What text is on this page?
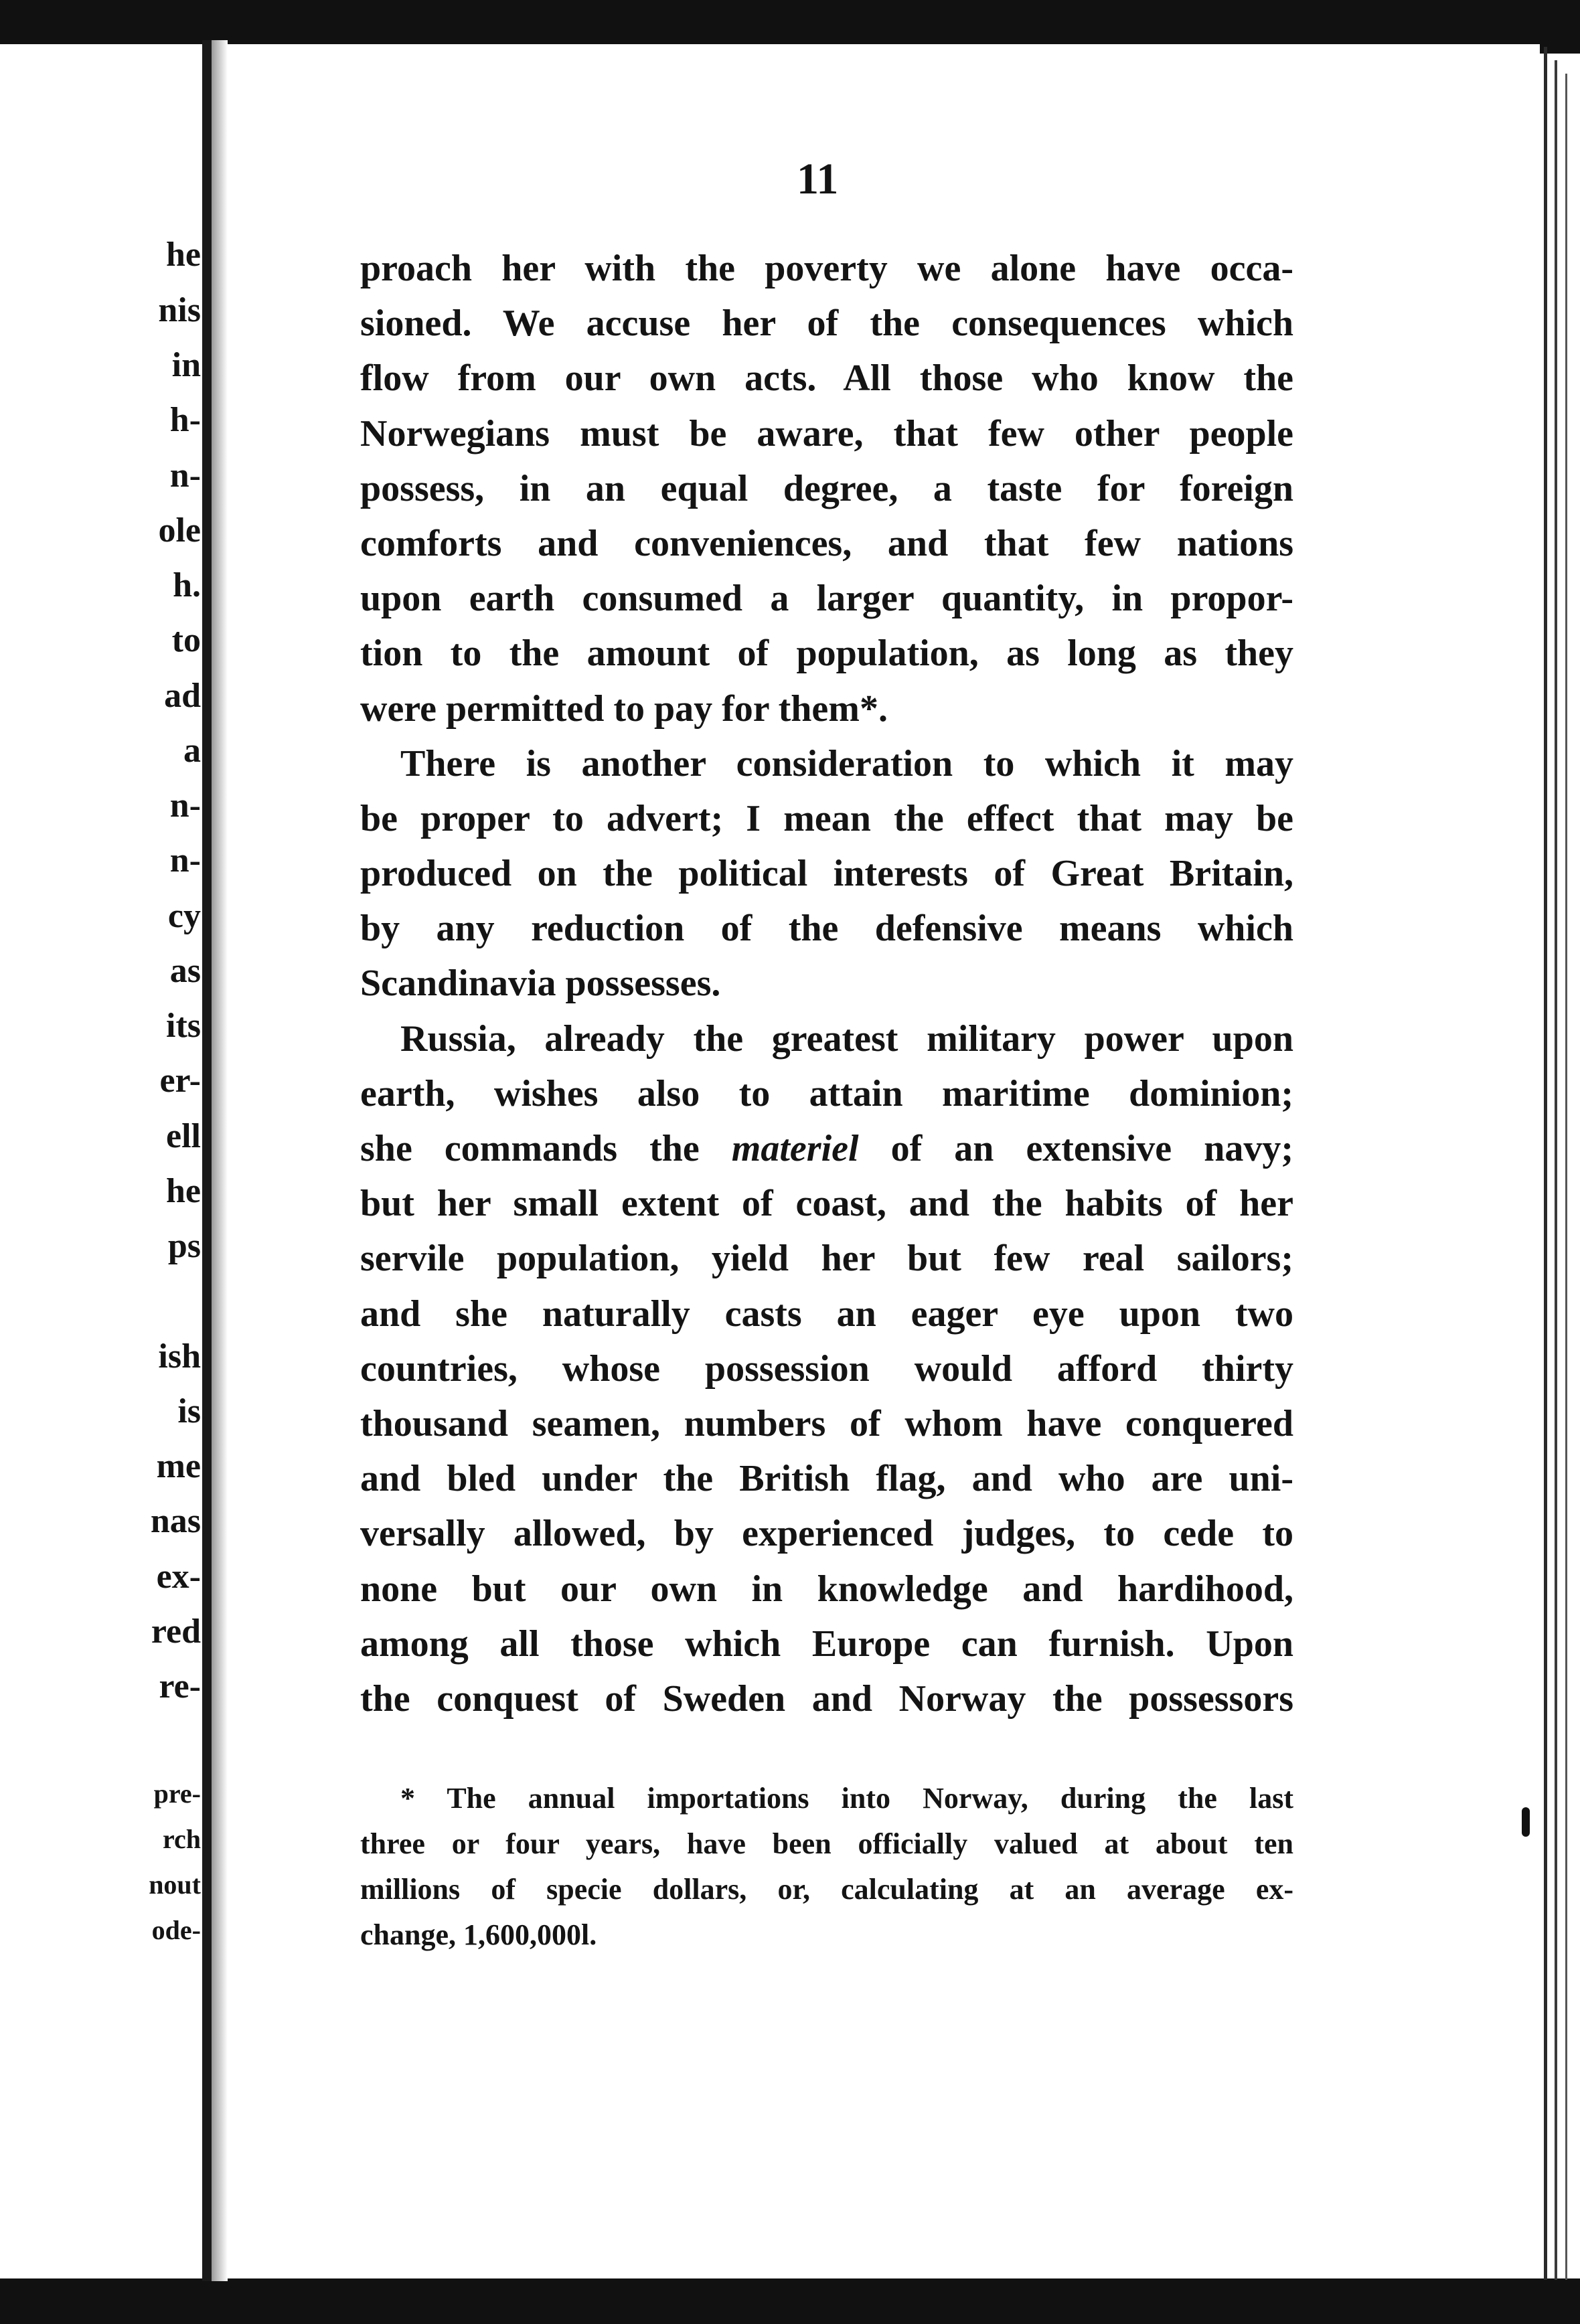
he
nis
in
h-
n-
ole
h.
to
ad
a
n-
n-
cy
as
its
er-
ell
he
ps
ish
is
me
nas
ex-
red
re-
pre-
rch
nout
ode-
11
proach her with the poverty we alone have occa-
sioned. We accuse her of the consequences which
flow from our own acts. All those who know the
Norwegians must be aware, that few other people
possess, in an equal degree, a taste for foreign
comforts and conveniences, and that few nations
upon earth consumed a larger quantity, in propor-
tion to the amount of population, as long as they
were permitted to pay for them*.
There is another consideration to which it may
be proper to advert; I mean the effect that may be
produced on the political interests of Great Britain,
by any reduction of the defensive means which
Scandinavia possesses.
Russia, already the greatest military power upon
earth, wishes also to attain maritime dominion;
she commands the materiel of an extensive navy;
but her small extent of coast, and the habits of her
servile population, yield her but few real sailors;
and she naturally casts an eager eye upon two
countries, whose possession would afford thirty
thousand seamen, numbers of whom have conquered
and bled under the British flag, and who are uni-
versally allowed, by experienced judges, to cede to
none but our own in knowledge and hardihood,
among all those which Europe can furnish. Upon
the conquest of Sweden and Norway the possessors
* The annual importations into Norway, during the last
three or four years, have been officially valued at about ten
millions of specie dollars, or, calculating at an average ex-
change, 1,600,000l.
